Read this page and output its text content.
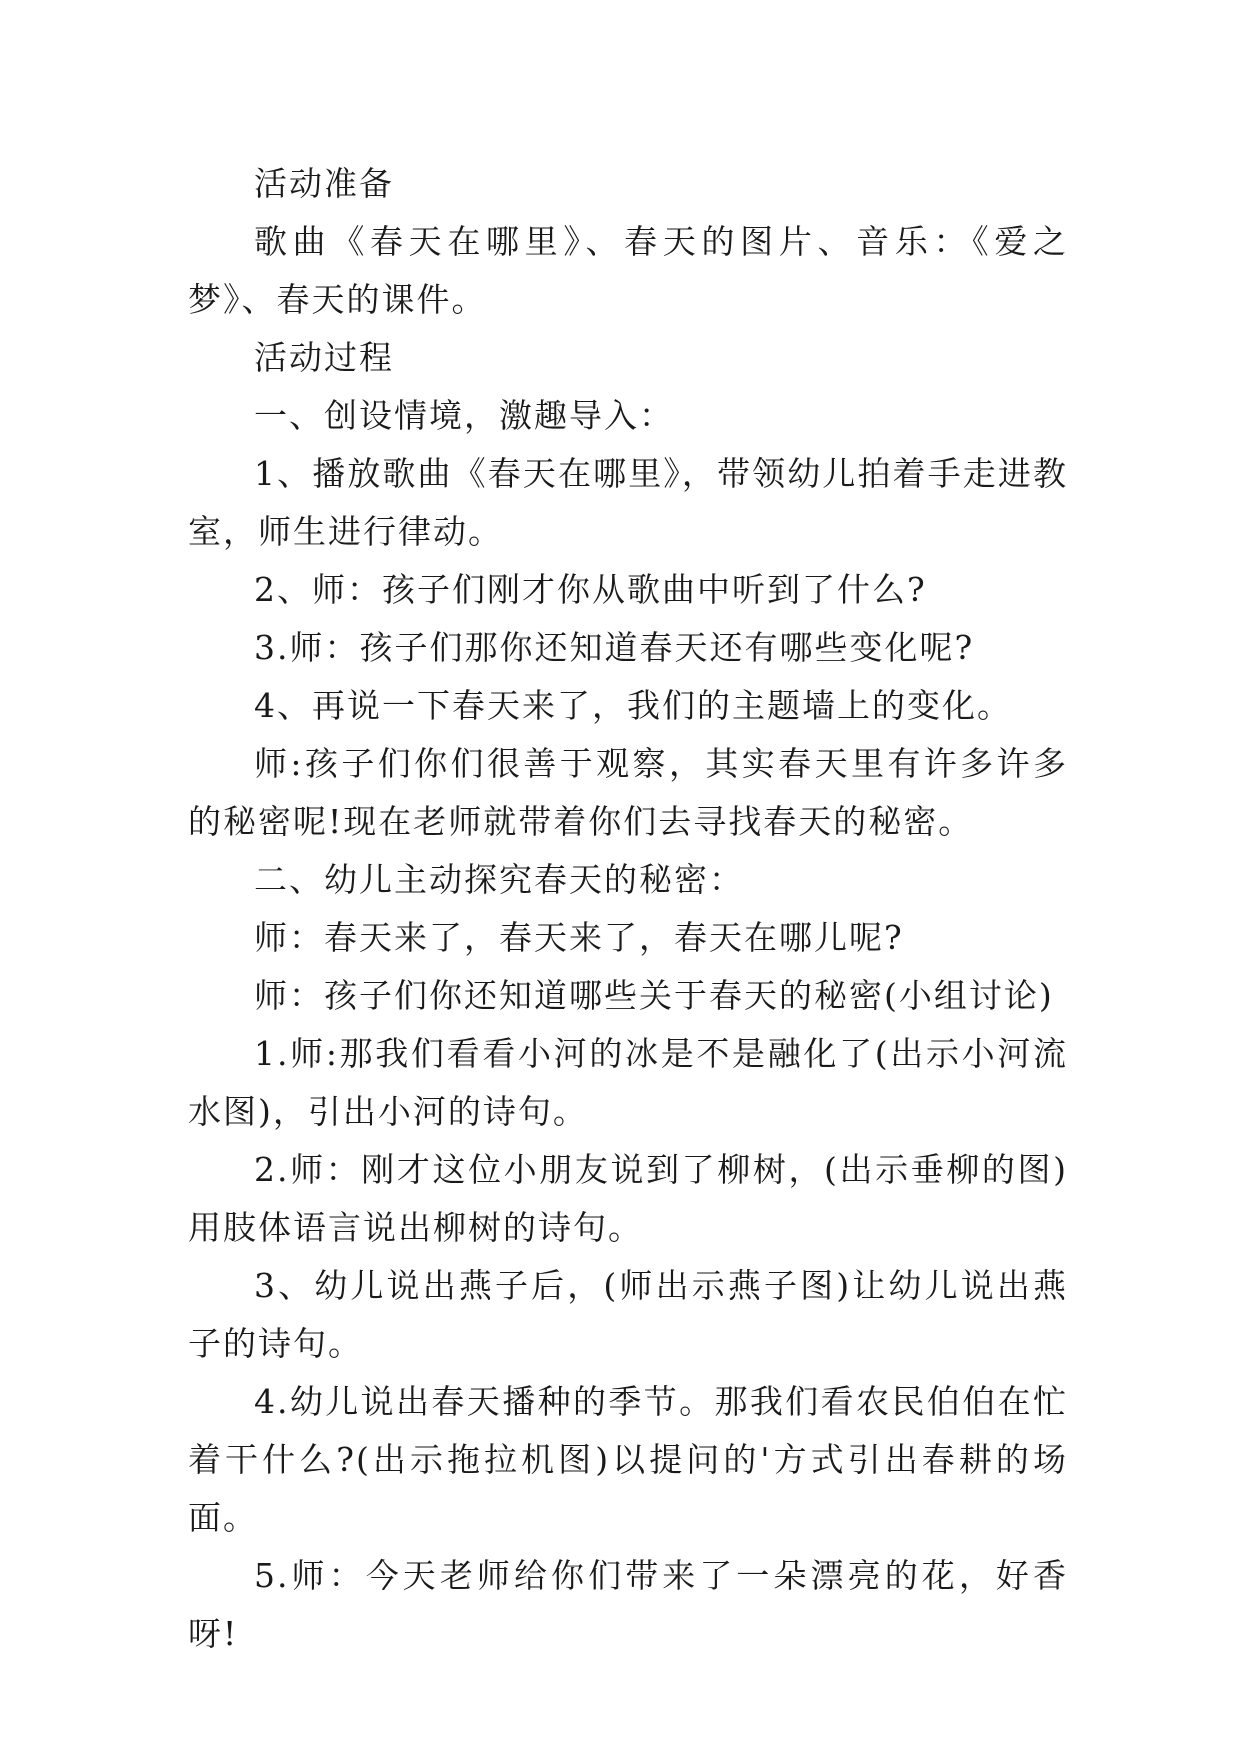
活动准备

歌曲《春天在哪里》、春天的图片、音乐：《爱之梦》、春天的课件。

活动过程

一、创设情境，激趣导入：

1、播放歌曲《春天在哪里》，带领幼儿拍着手走进教室，师生进行律动。

2、师：孩子们刚才你从歌曲中听到了什么?

3.师：孩子们那你还知道春天还有哪些变化呢?

4、再说一下春天来了，我们的主题墙上的变化。

师:孩子们你们很善于观察，其实春天里有许多许多的秘密呢!现在老师就带着你们去寻找春天的秘密。

二、幼儿主动探究春天的秘密：

师：春天来了，春天来了，春天在哪儿呢?

师：孩子们你还知道哪些关于春天的秘密(小组讨论)

1.师:那我们看看小河的冰是不是融化了(出示小河流水图)，引出小河的诗句。

2.师：刚才这位小朋友说到了柳树，(出示垂柳的图)用肢体语言说出柳树的诗句。

3、幼儿说出燕子后，(师出示燕子图)让幼儿说出燕子的诗句。

4.幼儿说出春天播种的季节。那我们看农民伯伯在忙着干什么?(出示拖拉机图)以提问的'方式引出春耕的场面。

5.师：今天老师给你们带来了一朵漂亮的花，好香呀!
